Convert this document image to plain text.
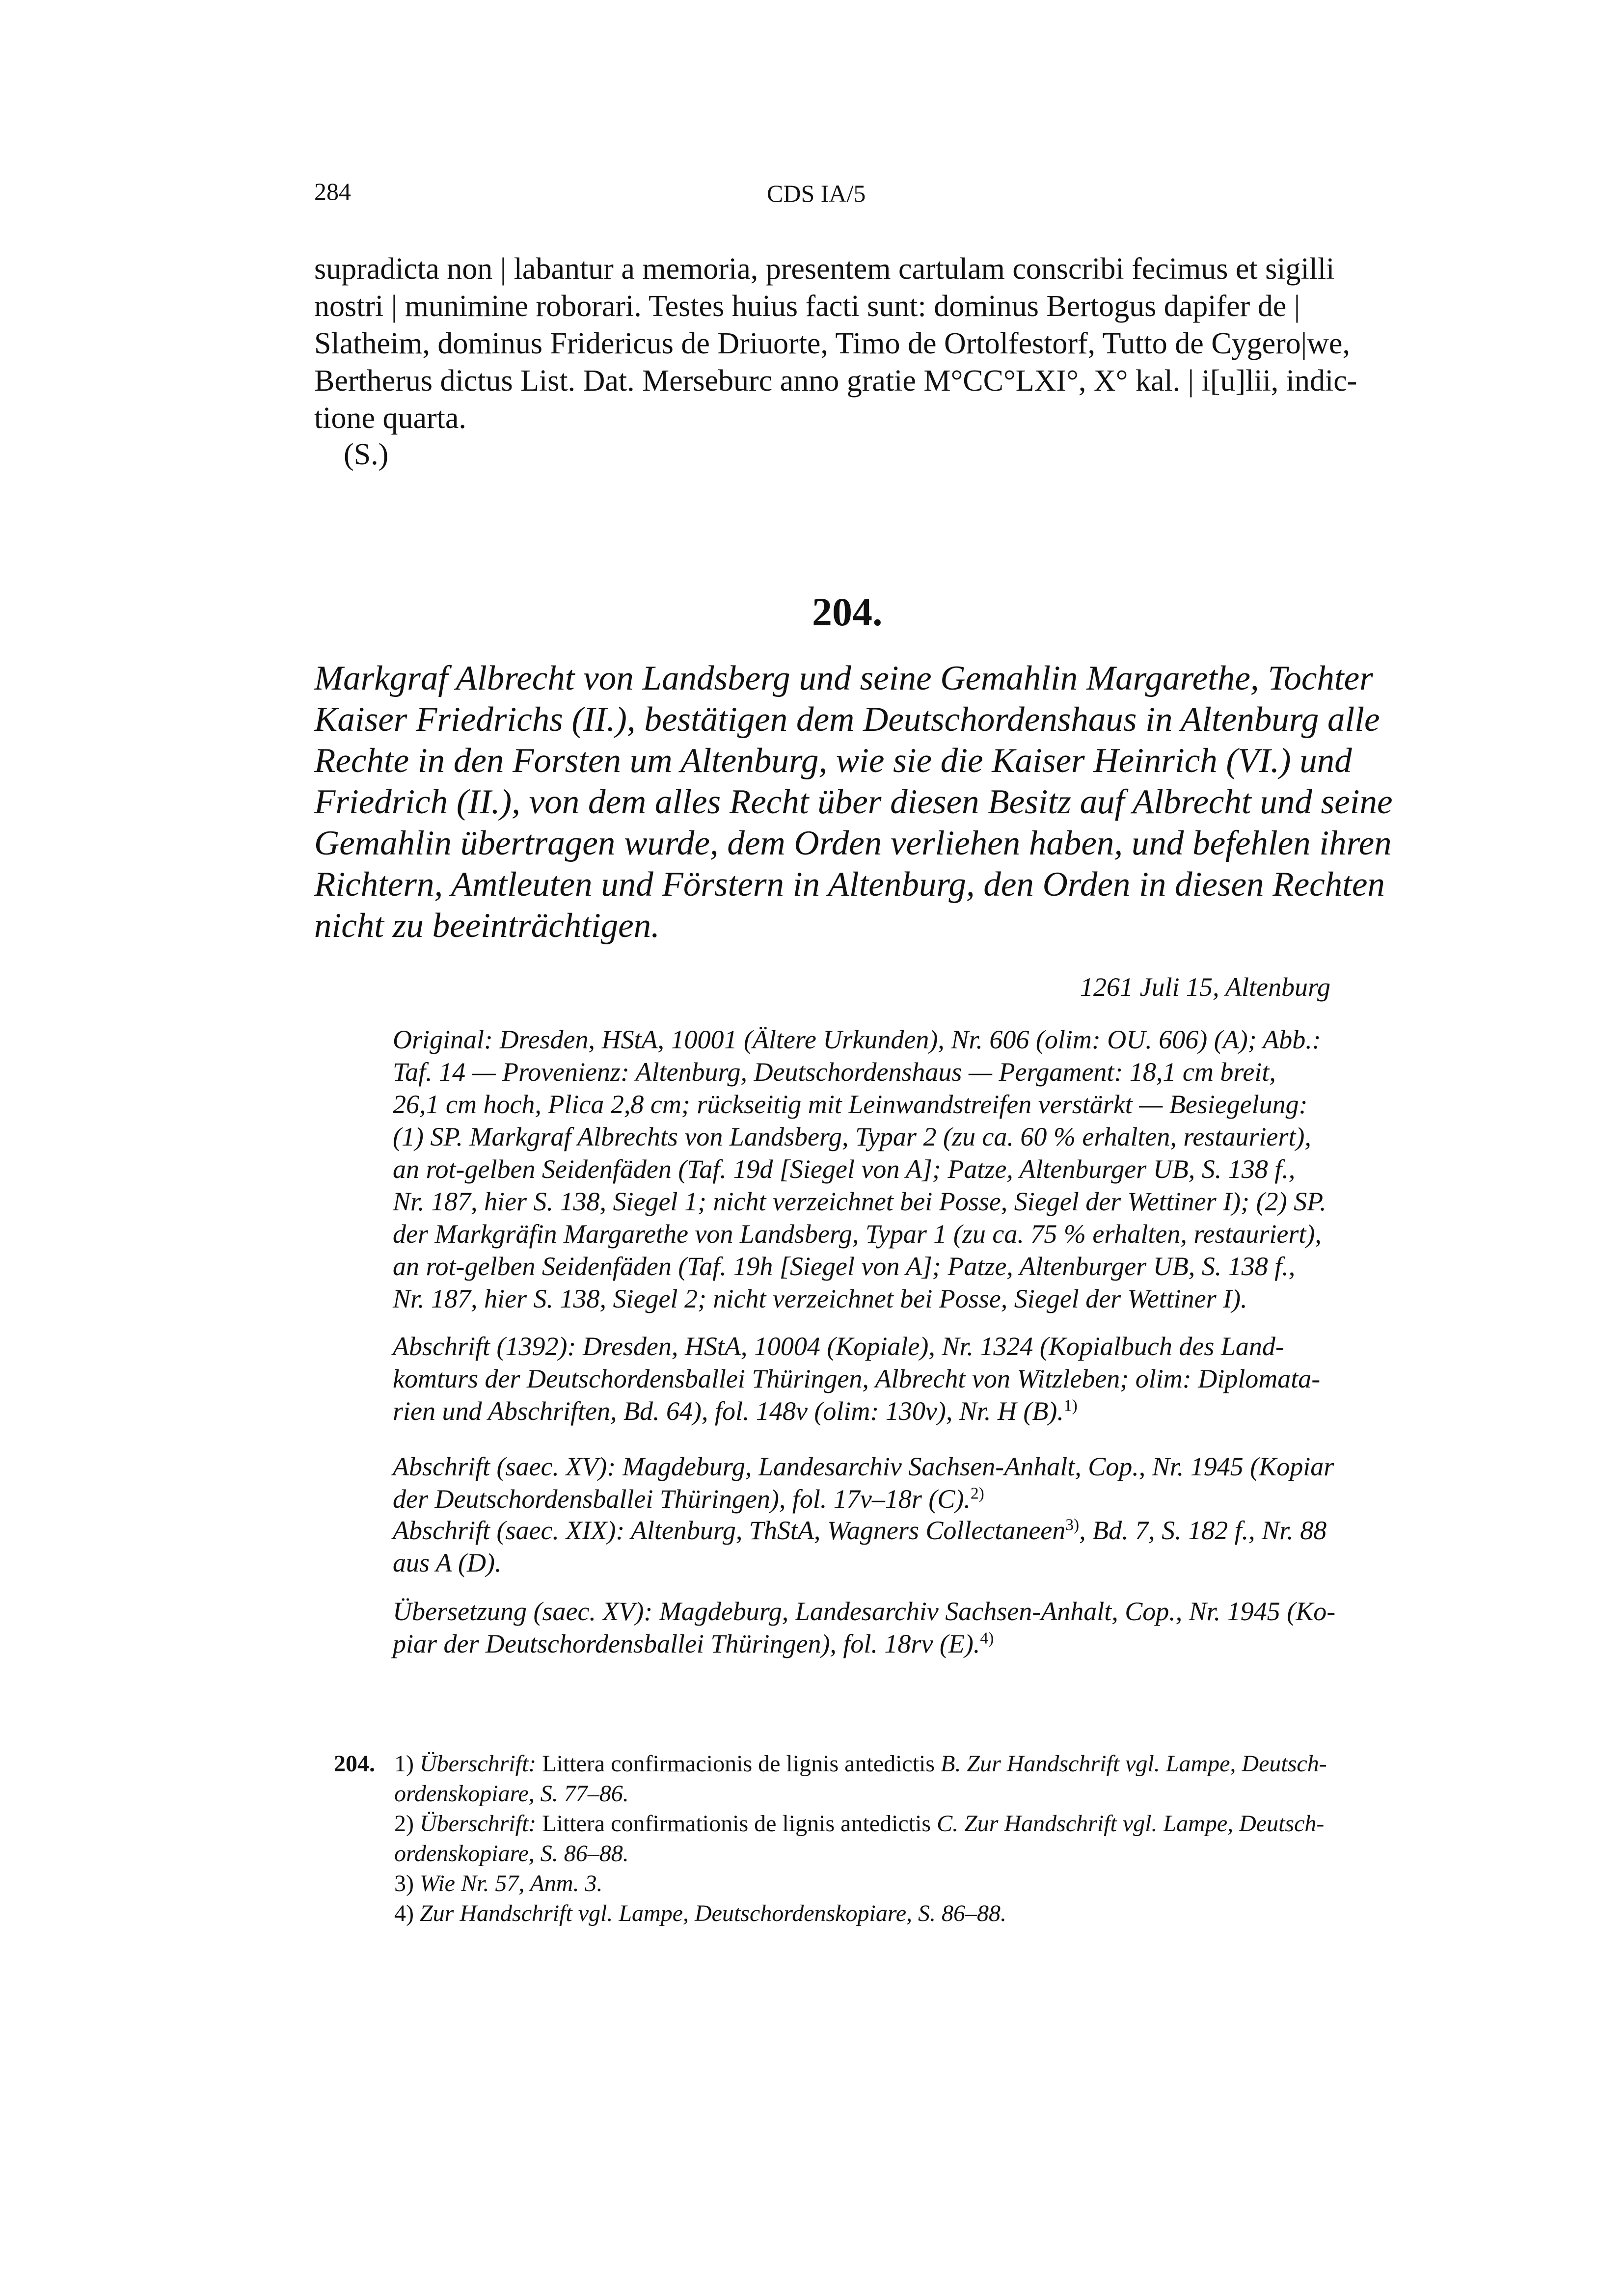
284	CDS IA/5
supradicta non | labantur a memoria, presentem cartulam conscribi fecimus et sigilli
nostri | munimine roborari. Testes huius facti sunt: dominus Bertogus dapifer de |
Slatheim, dominus Fridericus de Driuorte, Timo de Ortolfestorf, Tutto de Cygero|we,
Bertherus dictus List. Dat. Merseburc anno gratie M°CC°LXI°, X° kal. | i[u]lii, indic-
tione quarta.
(S.)
204.
Markgraf Albrecht von Landsberg und seine Gemahlin Margarethe, Tochter
Kaiser Friedrichs (II.), bestätigen dem Deutschordenshaus in Altenburg alle
Rechte in den Forsten um Altenburg, wie sie die Kaiser Heinrich (VI.) und
Friedrich (II.), von dem alles Recht über diesen Besitz auf Albrecht und seine
Gemahlin übertragen wurde, dem Orden verliehen haben, und befehlen ihren
Richtern, Amtleuten und Förstern in Altenburg, den Orden in diesen Rechten
nicht zu beeinträchtigen.
1261 Juli 15, Altenburg
Original: Dresden, HStA, 10001 (Ältere Urkunden), Nr. 606 (olim: OU. 606) (A); Abb.:
Taf. 14 — Provenienz: Altenburg, Deutschordenshaus — Pergament: 18,1 cm breit,
26,1 cm hoch, Plica 2,8 cm; rückseitig mit Leinwandstreifen verstärkt — Besiegelung:
(1) SP. Markgraf Albrechts von Landsberg, Typar 2 (zu ca. 60 % erhalten, restauriert),
an rot-gelben Seidenfäden (Taf. 19d [Siegel von A]; Patze, Altenburger UB, S. 138 f.,
Nr. 187, hier S. 138, Siegel 1; nicht verzeichnet bei Posse, Siegel der Wettiner I); (2) SP.
der Markgräfin Margarethe von Landsberg, Typar 1 (zu ca. 75 % erhalten, restauriert),
an rot-gelben Seidenfäden (Taf. 19h [Siegel von A]; Patze, Altenburger UB, S. 138 f.,
Nr. 187, hier S. 138, Siegel 2; nicht verzeichnet bei Posse, Siegel der Wettiner I).
Abschrift (1392): Dresden, HStA, 10004 (Kopiale), Nr. 1324 (Kopialbuch des Land-
komturs der Deutschordensballei Thüringen, Albrecht von Witzleben; olim: Diplomata-
rien und Abschriften, Bd. 64), fol. 148v (olim: 130v), Nr. H (B).$^{1)}$
Abschrift (saec. XV): Magdeburg, Landesarchiv Sachsen-Anhalt, Cop., Nr. 1945 (Kopiar
der Deutschordensballei Thüringen), fol. 17v–18r (C).$^{2)}$
Abschrift (saec. XIX): Altenburg, ThStA, Wagners Collectaneen$^{3)}$, Bd. 7, S. 182 f., Nr. 88
aus A (D).
Übersetzung (saec. XV): Magdeburg, Landesarchiv Sachsen-Anhalt, Cop., Nr. 1945 (Ko-
piar der Deutschordensballei Thüringen), fol. 18rv (E).$^{4)}$
204. 1) Überschrift: Littera confirmacionis de lignis antedictis B. Zur Handschrift vgl. Lampe, Deutsch-
ordenskopiare, S. 77–86.
2) Überschrift: Littera confirmationis de lignis antedictis C. Zur Handschrift vgl. Lampe, Deutsch-
ordenskopiare, S. 86–88.
3) Wie Nr. 57, Anm. 3.
4) Zur Handschrift vgl. Lampe, Deutschordenskopiare, S. 86–88.
